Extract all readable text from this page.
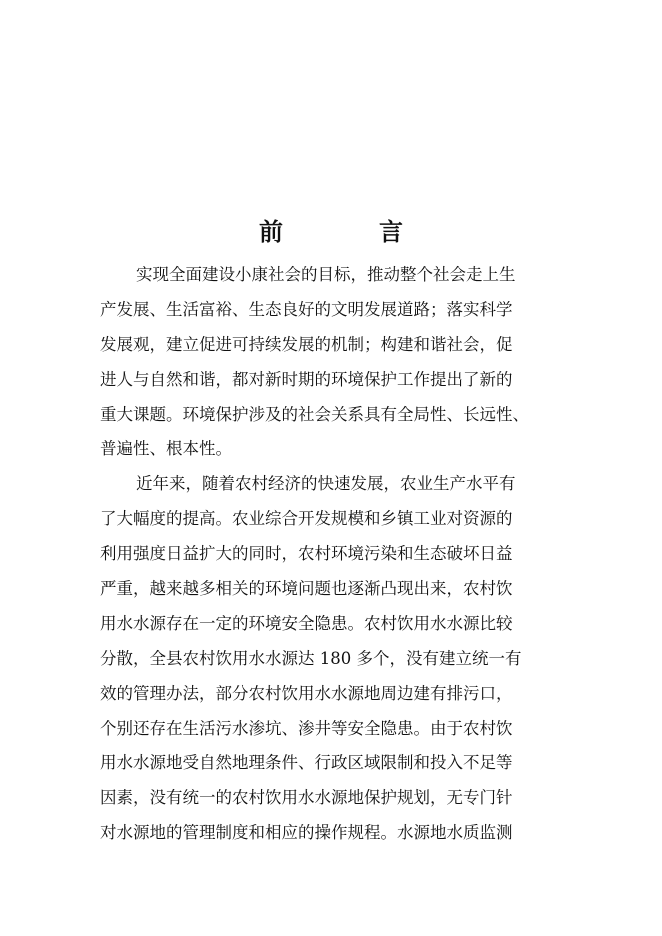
前	言
实现全面建设小康社会的目标，推动整个社会走上生
产发展、生活富裕、生态良好的文明发展道路；落实科学
发展观，建立促进可持续发展的机制；构建和谐社会，促
进人与自然和谐，都对新时期的环境保护工作提出了新的
重大课题。环境保护涉及的社会关系具有全局性、长远性、
普遍性、根本性。
近年来，随着农村经济的快速发展，农业生产水平有
了大幅度的提高。农业综合开发规模和乡镇工业对资源的
利用强度日益扩大的同时，农村环境污染和生态破坏日益
严重，越来越多相关的环境问题也逐渐凸现出来，农村饮
用水水源存在一定的环境安全隐患。农村饮用水水源比较
分散，全县农村饮用水水源达 180 多个，没有建立统一有
效的管理办法，部分农村饮用水水源地周边建有排污口，
个别还存在生活污水渗坑、渗井等安全隐患。由于农村饮
用水水源地受自然地理条件、行政区域限制和投入不足等
因素，没有统一的农村饮用水水源地保护规划，无专门针
对水源地的管理制度和相应的操作规程。水源地水质监测
